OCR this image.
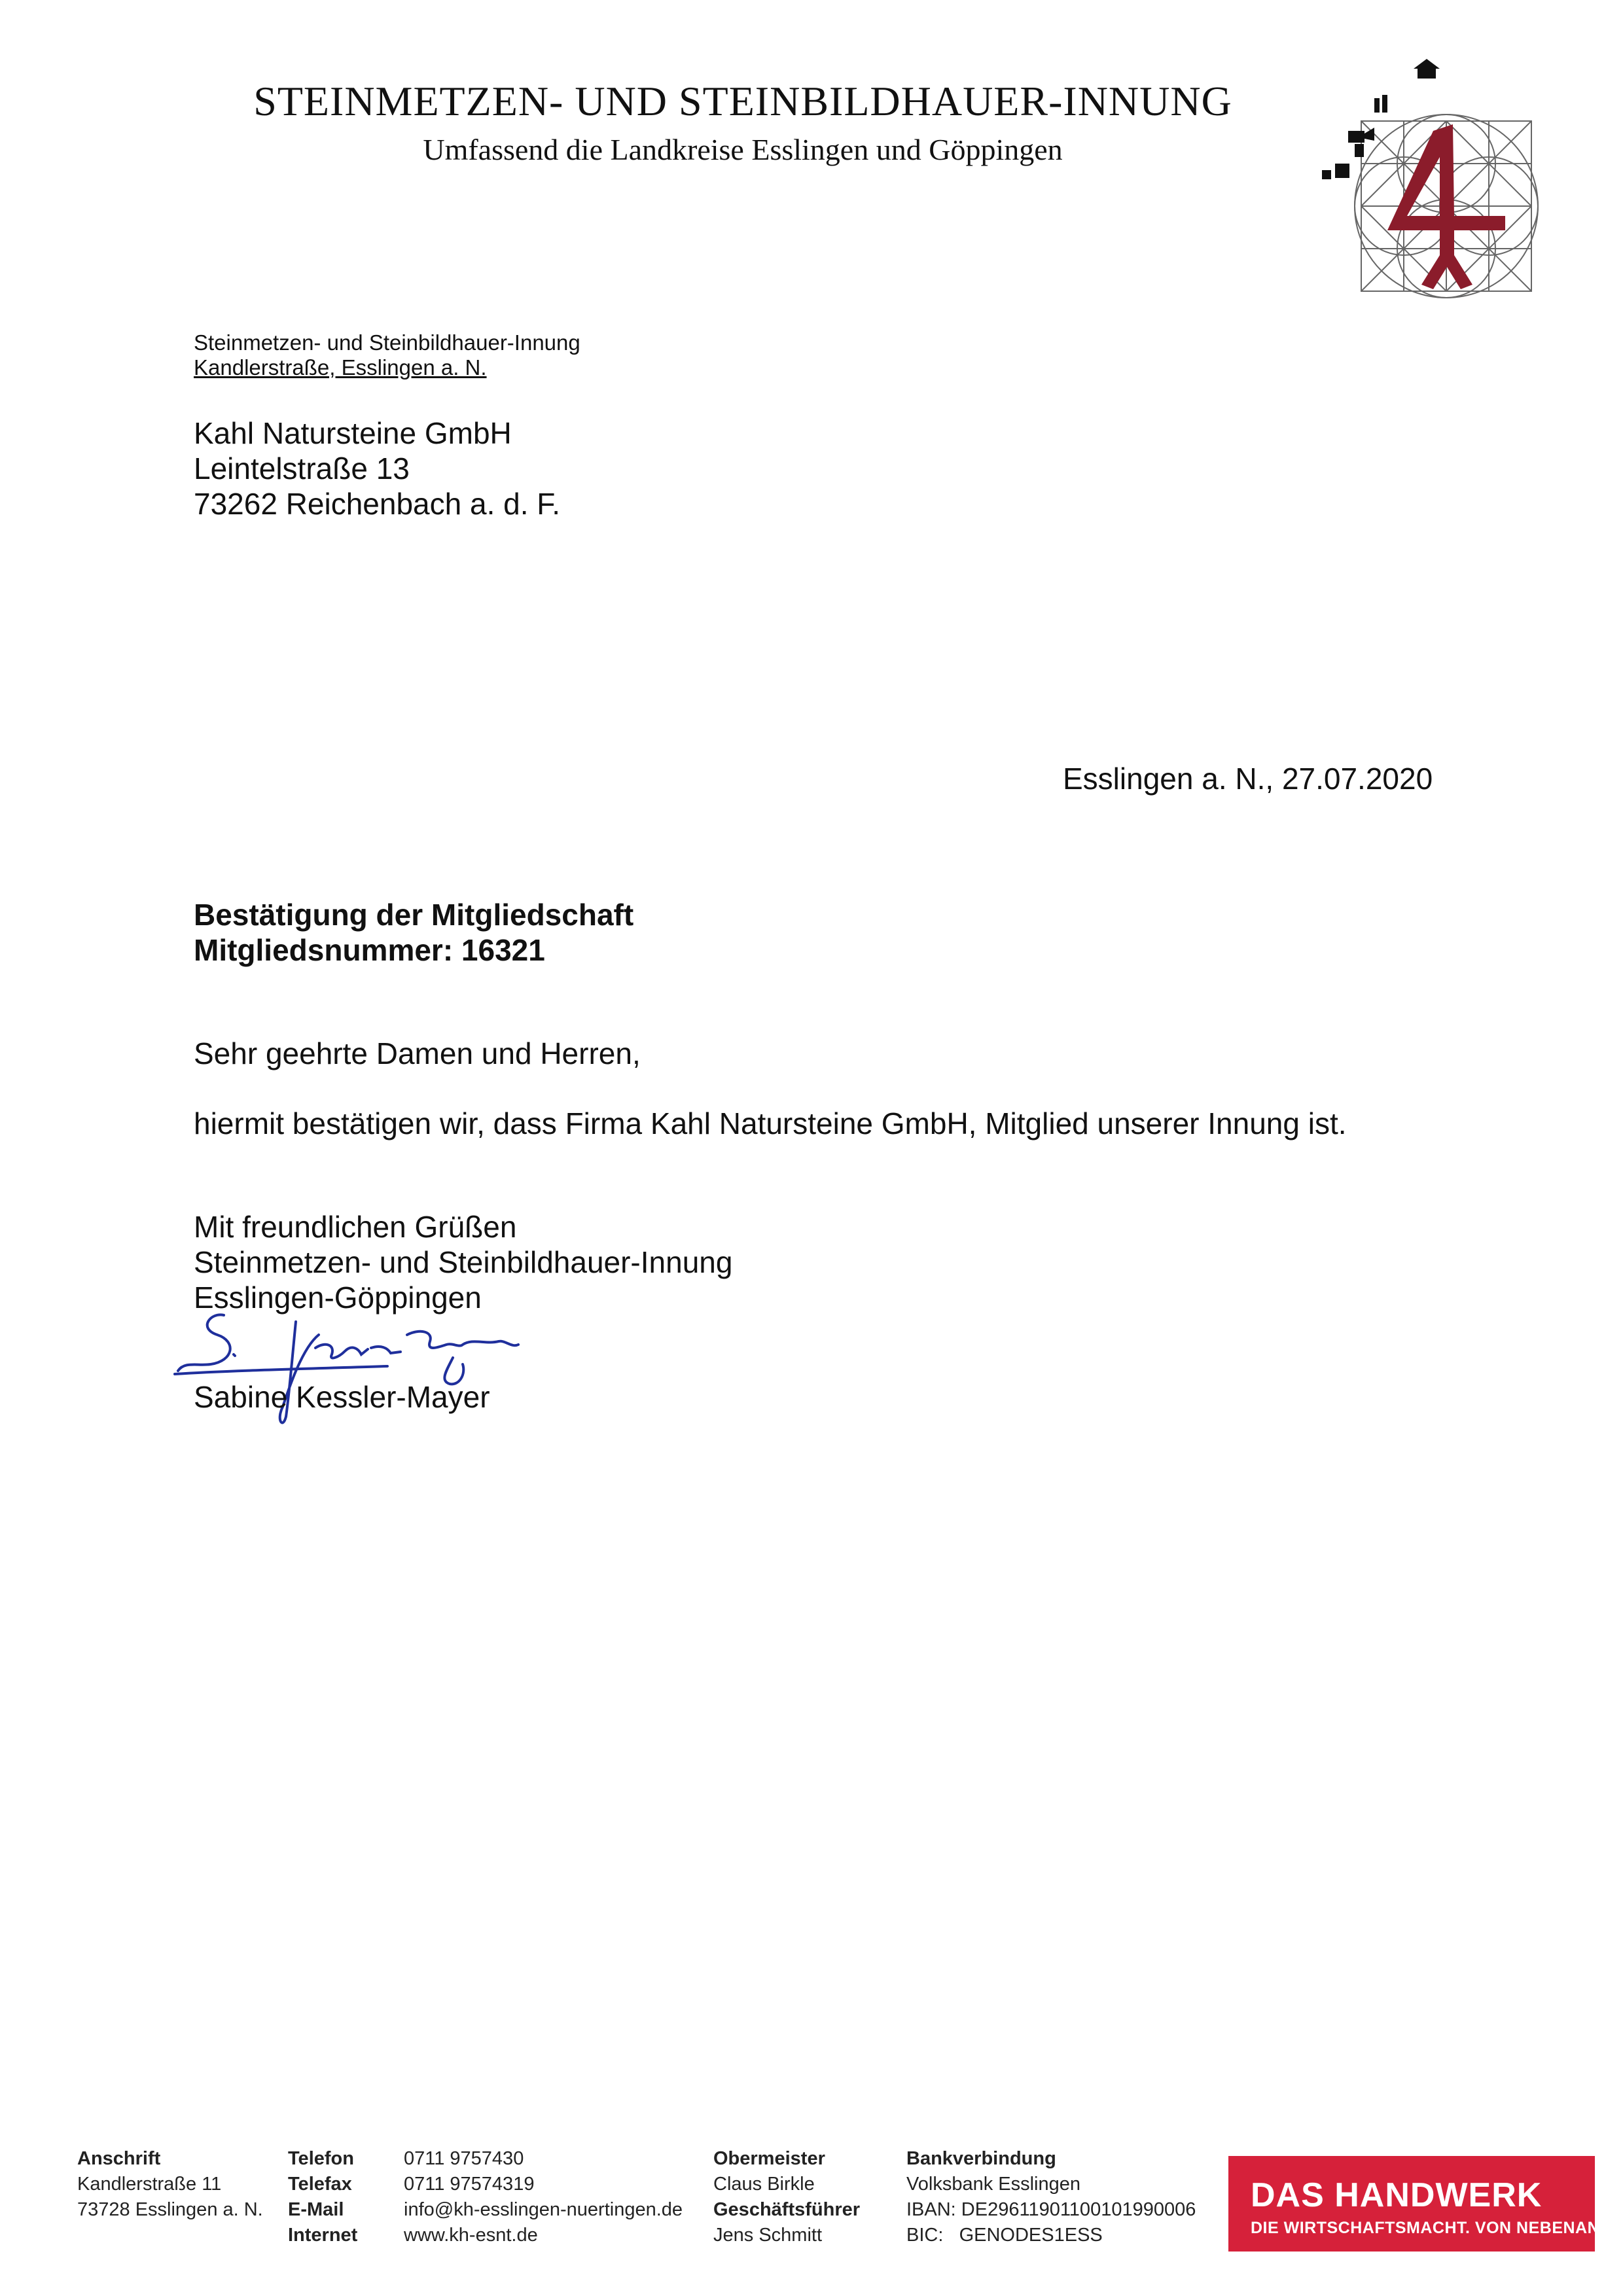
STEINMETZEN- UND STEINBILDHAUER-INNUNG
Umfassend die Landkreise Esslingen und Göppingen
Steinmetzen- und Steinbildhauer-Innung
Kandlerstraße, Esslingen a. N.
Kahl Natursteine GmbH
Leintelstraße 13
73262 Reichenbach a. d. F.
Esslingen a. N., 27.07.2020
Bestätigung der Mitgliedschaft
Mitgliedsnummer: 16321
Sehr geehrte Damen und Herren,
hiermit bestätigen wir, dass Firma Kahl Natursteine GmbH, Mitglied unserer Innung ist.
Mit freundlichen Grüßen
Steinmetzen- und Steinbildhauer-Innung
Esslingen-Göppingen
Sabine Kessler-Mayer
Anschrift
Kandlerstraße 11
73728 Esslingen a. N.
Telefon
Telefax
E-Mail
Internet
0711 9757430
0711 97574319
info@kh-esslingen-nuertingen.de
www.kh-esnt.de
Obermeister
Claus Birkle
Geschäftsführer
Jens Schmitt
Bankverbindung
Volksbank Esslingen
IBAN: DE29611901100101990006
BIC:   GENODES1ESS
DAS HANDWERK
DIE WIRTSCHAFTSMACHT. VON NEBENAN.
